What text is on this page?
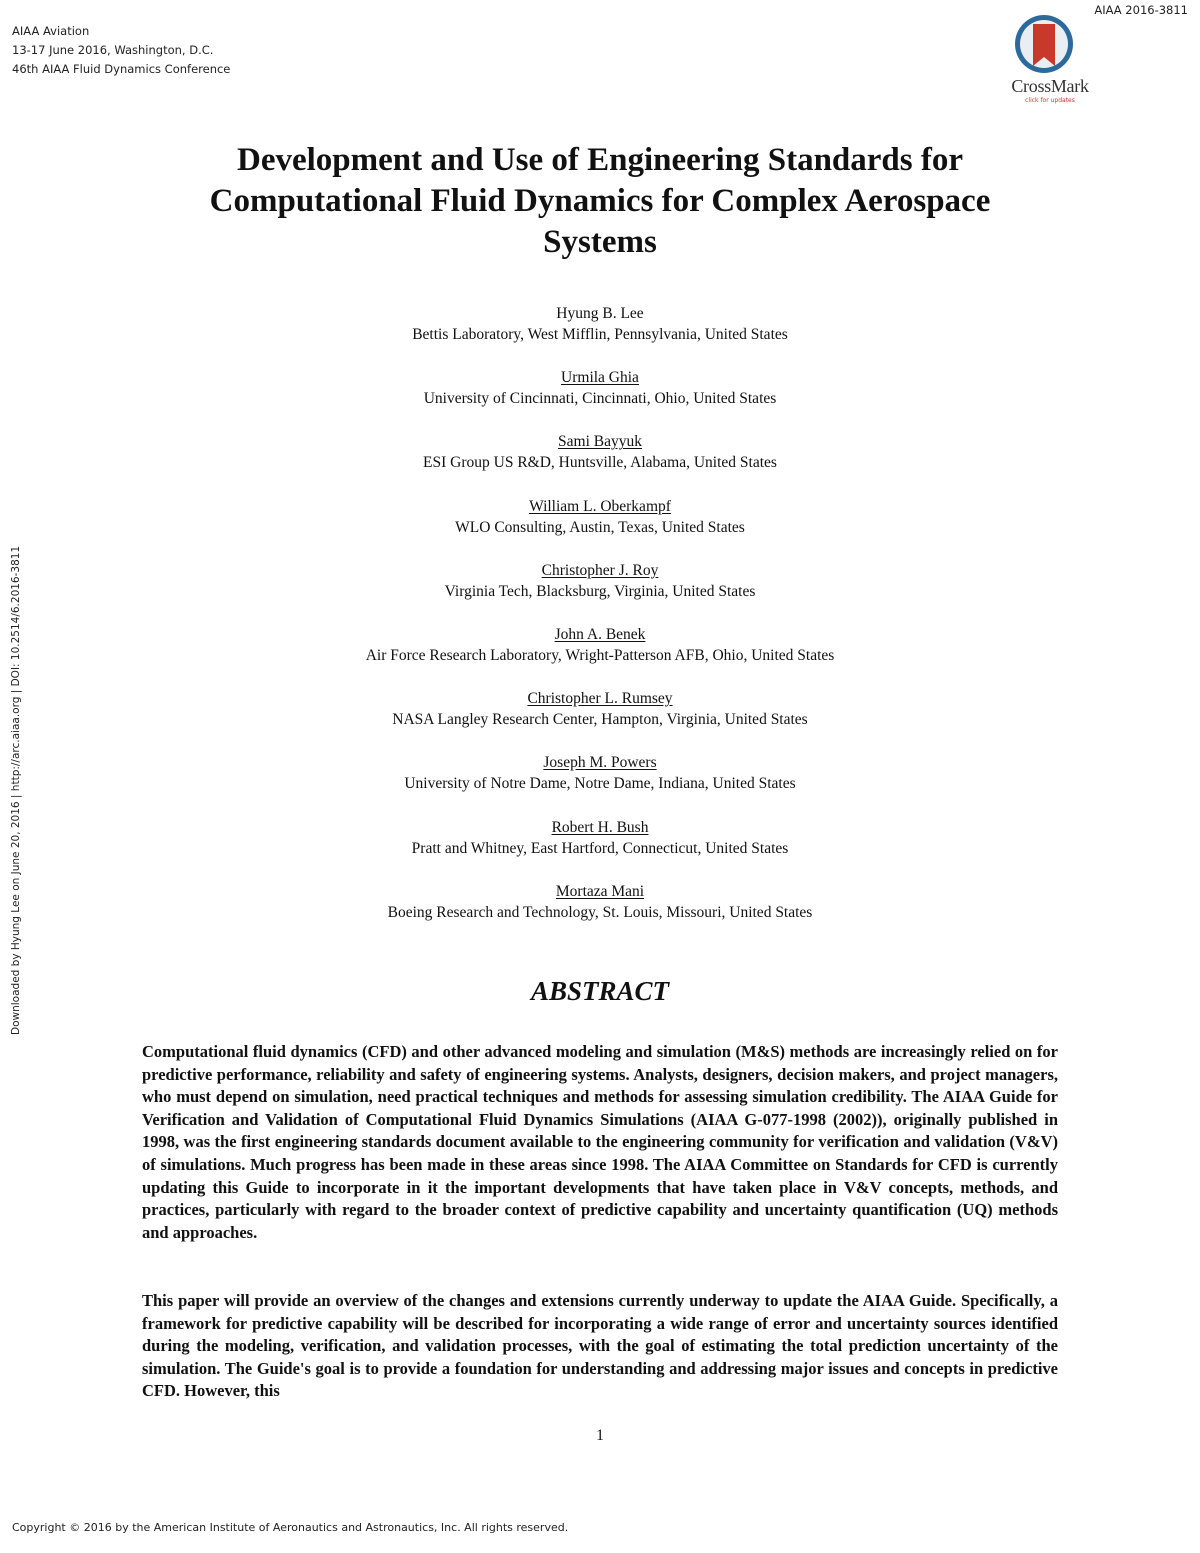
AIAA Aviation
13-17 June 2016, Washington, D.C.
46th AIAA Fluid Dynamics Conference
AIAA 2016-3811
CrossMark
click for updates
Development and Use of Engineering Standards for Computational Fluid Dynamics for Complex Aerospace Systems
Hyung B. Lee
Bettis Laboratory, West Mifflin, Pennsylvania, United States
Urmila Ghia
University of Cincinnati, Cincinnati, Ohio, United States
Sami Bayyuk
ESI Group US R&D, Huntsville, Alabama, United States
William L. Oberkampf
WLO Consulting, Austin, Texas, United States
Christopher J. Roy
Virginia Tech, Blacksburg, Virginia, United States
John A. Benek
Air Force Research Laboratory, Wright-Patterson AFB, Ohio, United States
Christopher L. Rumsey
NASA Langley Research Center, Hampton, Virginia, United States
Joseph M. Powers
University of Notre Dame, Notre Dame, Indiana, United States
Robert H. Bush
Pratt and Whitney, East Hartford, Connecticut, United States
Mortaza Mani
Boeing Research and Technology, St. Louis, Missouri, United States
ABSTRACT

Computational fluid dynamics (CFD) and other advanced modeling and simulation (M&S) methods are increasingly relied on for predictive performance, reliability and safety of engineering systems. Analysts, designers, decision makers, and project managers, who must depend on simulation, need practical techniques and methods for assessing simulation credibility. The AIAA Guide for Verification and Validation of Computational Fluid Dynamics Simulations (AIAA G-077-1998 (2002)), originally published in 1998, was the first engineering standards document available to the engineering community for verification and validation (V&V) of simulations. Much progress has been made in these areas since 1998. The AIAA Committee on Standards for CFD is currently updating this Guide to incorporate in it the important developments that have taken place in V&V concepts, methods, and practices, particularly with regard to the broader context of predictive capability and uncertainty quantification (UQ) methods and approaches.

This paper will provide an overview of the changes and extensions currently underway to update the AIAA Guide. Specifically, a framework for predictive capability will be described for incorporating a wide range of error and uncertainty sources identified during the modeling, verification, and validation processes, with the goal of estimating the total prediction uncertainty of the simulation. The Guide's goal is to provide a foundation for understanding and addressing major issues and concepts in predictive CFD. However, this

1
Copyright © 2016 by the American Institute of Aeronautics and Astronautics, Inc. All rights reserved.
Downloaded by Hyung Lee on June 20, 2016 | http://arc.aiaa.org | DOI: 10.2514/6.2016-3811
